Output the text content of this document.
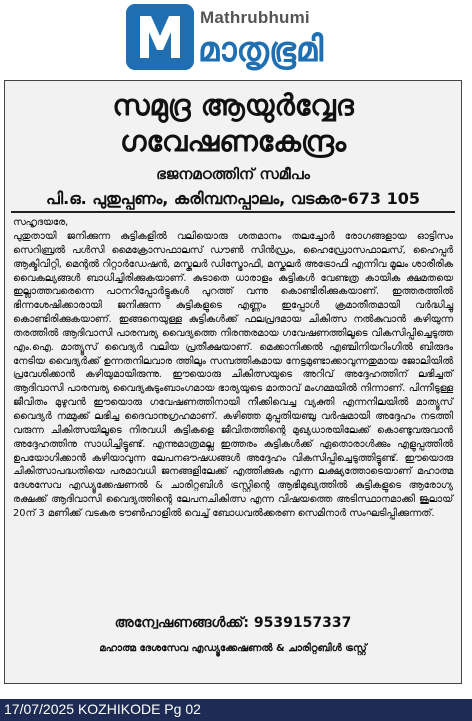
Mathrubhumi
മാതൃഭൂമി
സമുദ്ര ആയുർവ്വേദ
ഗവേഷണകേന്ദ്രം
ഭജനമഠത്തിന് സമീപം
പി.ഒ. പുതുപ്പണം, കരിമ്പനപ്പാലം, വടകര-673 105
സഹൃദയരേ,

പുതുതായി ജനിക്കുന്ന കുട്ടികളിൽ വലിയൊരു ശതമാനം തലച്ചോർ രോഗങ്ങളായ ഓട്ടിസം സെറിബ്രൽ പൾസി മൈക്രോസഫാലസ് ഡൗൺ സിൻഡ്രം, ഹൈഡ്രോസഫാലസ്, ഹൈപ്പർ ആക്ടിവിറ്റി, മെന്റൽ റിറ്റാർഡേഷൻ, മസ്കുലർ ഡിസ്ട്രോഫി, മസ്കുലർ അട്രോഫി എന്നിവ മൂലം ശാരീരിക വൈകല്യങ്ങൾ ബാധിച്ചിരിക്കുകയാണ്. കുടാതെ ധാരാളം കുട്ടികൾ വേണ്ടത്ര കായിക ക്ഷമതയെ ഇല്ലാത്തവരെന്നെ പഠനറിപ്പോർട്ടുകൾ പുറത്ത് വന്നു കൊണ്ടിരിക്കുകയാണ്. ഇത്തരത്തിൽ ഭിന്നശേഷിക്കാരായി ജനിക്കുന്ന കുട്ടികളുടെ എണ്ണം ഇപ്പോൾ ക്രമാതീതമായി വർദ്ധിച്ചു കൊണ്ടിരിക്കുകയാണ്. ഇങ്ങനെയുള്ള കുട്ടികൾക്ക് ഫലപ്രദമായ ചികിത്സ നൽകുവാൻ കഴിയുന്ന തരത്തിൽ ആദിവാസി പാരമ്പര്യ വൈദ്യത്തെ നിരന്തരമായ ഗവേഷണത്തിലൂടെ വികസിപ്പിച്ചെടുത്ത എം.ഐ. മാത്യൂസ് വൈദ്യർ വലിയ പ്രതീക്ഷയാണ്. മെക്കാനിക്കൽ എഞ്ചിനിയറിംഗിൽ ബിരുദം നേടിയ വൈദ്യർക്ക് ഉന്നതനിലവാര ത്തിലും സമ്പത്തികമായ നേട്ടമുണ്ടാക്കാവുന്നതുമായ ജോലിയിൽ പ്രവേശിക്കാൻ കഴിയുമായിരുന്നു. ഈയൊരു ചികിത്സയുടെ അറിവ് അദ്ദേഹത്തിന് ലഭിച്ചത് ആദിവാസി പാരമ്പര്യ വൈദ്യകുടുംബാംഗമായ ഭാര്യയുടെ മാതാവ് മംഗമ്മയിൽ നിന്നാണ്. പിന്നീടുള്ള ജീവിതം മുഴുവൻ ഈയൊരു ഗവേഷണത്തിനായി നീക്കിവെച്ച വ്യക്തി എന്നനിലയിൽ മാത്യൂസ് വൈദ്യർ നമ്മുക്ക് ലഭിച്ച ദൈവാനുഗ്രഹമാണ്. കഴിഞ്ഞ മുപ്പതിയഞ്ചു വർഷമായി അദ്ദേഹം നടത്തി വരുന്ന ചികിത്സയിലൂടെ നിരവധി കുട്ടികളെ ജീവിതത്തിന്റെ മുഖ്യധാരയിലേക്ക് കൊണ്ടുവരുവാൻ അദ്ദേഹത്തിനു സാധിച്ചിട്ടുണ്ട്. എന്നുമാത്രമല്ല ഇത്തരം കുട്ടികൾക്ക് ഏതൊരാൾക്കും എളുപ്പത്തിൽ ഉപയോഗിക്കാൻ കഴിയാവുന്ന ലേപനഔഷധങ്ങൾ അദ്ദേഹം വികസിപ്പിച്ചെടുത്തിട്ടുണ്ട്. ഈയൊരു ചികിത്സാപദ്ധതിയെ പരമാവധി ജനങ്ങളിലേക്ക് എത്തിക്കുക എന്ന ലക്ഷ്യത്തോടെയാണ് മഹാത്മ ദേശസേവ എഡ്യൂക്കേഷണൽ & ചാരിറ്റബിൾ ട്രസ്റ്റിന്റെ ആഭിമുഖ്യത്തിൽ കുട്ടികളുടെ ആരോഗ്യ രക്ഷക്ക് ആദിവാസി വൈദ്യത്തിന്റെ ലേപനചികിത്സ എന്ന വിഷയത്തെ അടിസ്ഥാനമാക്കി ജൂലായ് 20ന് 3 മണിക്ക് വടകര ടൗൺഹാളിൽ വെച്ച് ബോധവൽക്കരണ സെമിനാർ സംഘടിപ്പിക്കുന്നത്.

അന്വേഷണങ്ങൾക്ക്: 9539157337
മഹാത്മ ദേശസേവ എഡ്യൂക്കേഷണൽ & ചാരിറ്റബിൾ ട്രസ്റ്റ്
17/07/2025 KOZHIKODE Pg 02
